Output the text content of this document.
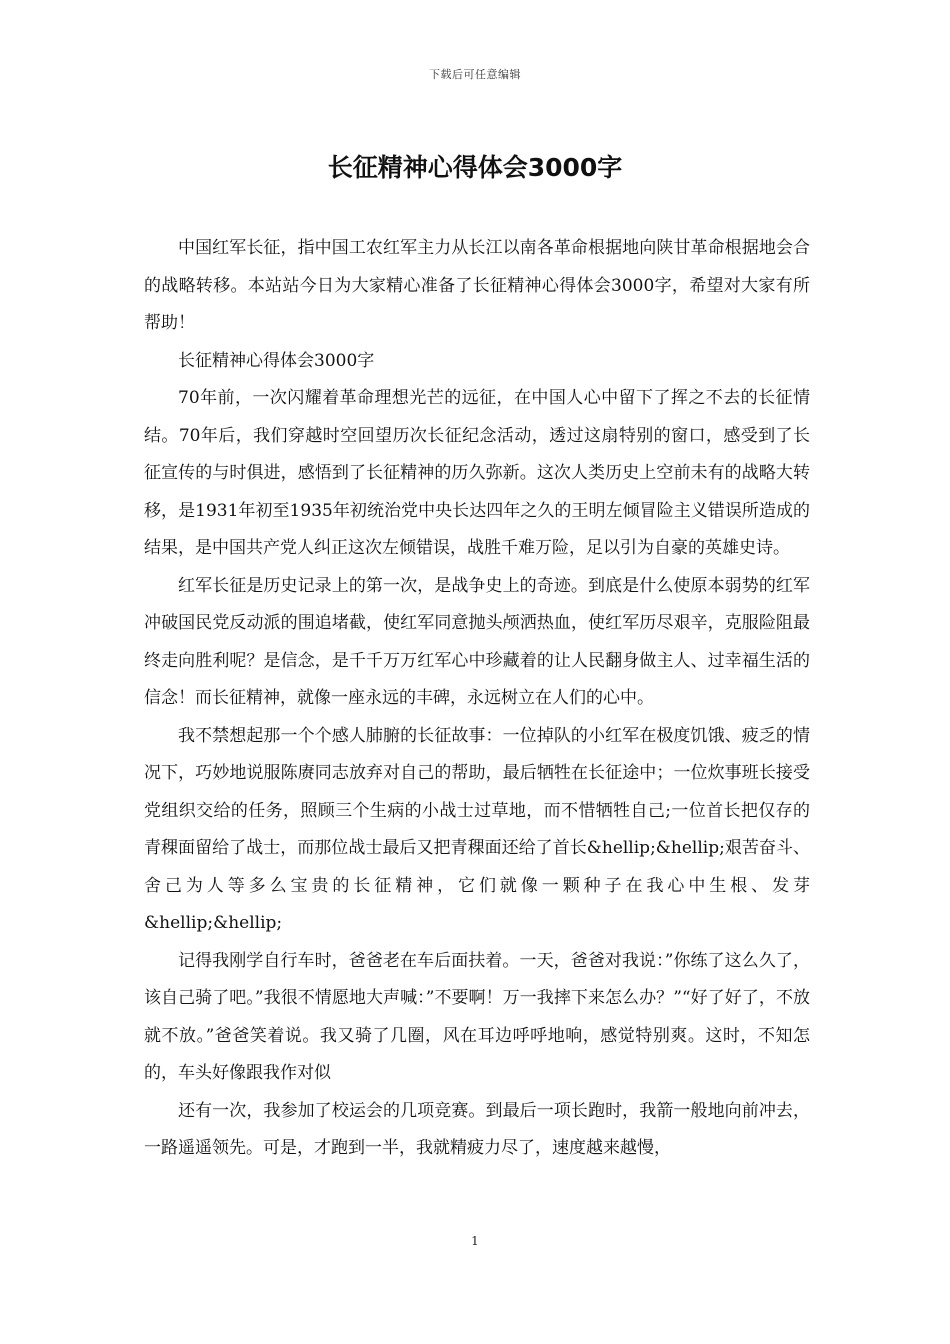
下载后可任意编辑
长征精神心得体会3000字

中国红军长征，指中国工农红军主力从长江以南各革命根据地向陕甘革命根据地会合的战略转移。本站站今日为大家精心准备了长征精神心得体会3000字，希望对大家有所帮助！

长征精神心得体会3000字

70年前，一次闪耀着革命理想光芒的远征，在中国人心中留下了挥之不去的长征情结。70年后，我们穿越时空回望历次长征纪念活动，透过这扇特别的窗口，感受到了长征宣传的与时俱进，感悟到了长征精神的历久弥新。这次人类历史上空前未有的战略大转移，是1931年初至1935年初统治党中央长达四年之久的王明左倾冒险主义错误所造成的结果，是中国共产党人纠正这次左倾错误，战胜千难万险，足以引为自豪的英雄史诗。

红军长征是历史记录上的第一次，是战争史上的奇迹。到底是什么使原本弱势的红军冲破国民党反动派的围追堵截，使红军同意抛头颅洒热血，使红军历尽艰辛，克服险阻最终走向胜利呢？是信念，是千千万万红军心中珍藏着的让人民翻身做主人、过幸福生活的信念！而长征精神，就像一座永远的丰碑，永远树立在人们的心中。

我不禁想起那一个个感人肺腑的长征故事：一位掉队的小红军在极度饥饿、疲乏的情况下，巧妙地说服陈赓同志放弃对自己的帮助，最后牺牲在长征途中；一位炊事班长接受党组织交给的任务，照顾三个生病的小战士过草地，而不惜牺牲自己;一位首长把仅存的青稞面留给了战士，而那位战士最后又把青稞面还给了首长&hellip;&hellip;艰苦奋斗、舍己为人等多么宝贵的长征精神，它们就像一颗种子在我心中生根、发芽&hellip;&hellip;

记得我刚学自行车时，爸爸老在车后面扶着。一天，爸爸对我说：”你练了这么久了，该自己骑了吧。”我很不情愿地大声喊：”不要啊！万一我摔下来怎么办？”“好了好了，不放就不放。”爸爸笑着说。我又骑了几圈，风在耳边呼呼地响，感觉特别爽。这时，不知怎的，车头好像跟我作对似

还有一次，我参加了校运会的几项竞赛。到最后一项长跑时，我箭一般地向前冲去，一路遥遥领先。可是，才跑到一半，我就精疲力尽了，速度越来越慢，

1
